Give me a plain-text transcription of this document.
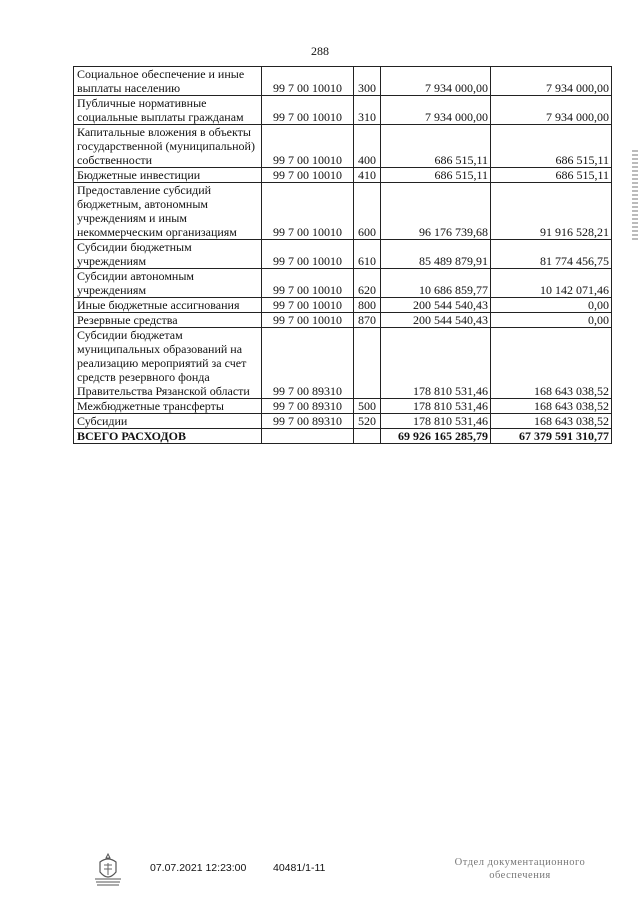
288
Социальное обеспечение и иные выплаты населению	99 7 00 10010	300	7 934 000,00	7 934 000,00
Публичные нормативные социальные выплаты гражданам	99 7 00 10010	310	7 934 000,00	7 934 000,00
Капитальные вложения в объекты государственной (муниципальной) собственности	99 7 00 10010	400	686 515,11	686 515,11
Бюджетные инвестиции	99 7 00 10010	410	686 515,11	686 515,11
Предоставление субсидий бюджетным, автономным учреждениям и иным некоммерческим организациям	99 7 00 10010	600	96 176 739,68	91 916 528,21
Субсидии бюджетным учреждениям	99 7 00 10010	610	85 489 879,91	81 774 456,75
Субсидии автономным учреждениям	99 7 00 10010	620	10 686 859,77	10 142 071,46
Иные бюджетные ассигнования	99 7 00 10010	800	200 544 540,43	0,00
Резервные средства	99 7 00 10010	870	200 544 540,43	0,00
Субсидии бюджетам муниципальных образований на реализацию мероприятий за счет средств резервного фонда Правительства Рязанской области	99 7 00 89310		178 810 531,46	168 643 038,52
Межбюджетные трансферты	99 7 00 89310	500	178 810 531,46	168 643 038,52
Субсидии	99 7 00 89310	520	178 810 531,46	168 643 038,52
ВСЕГО РАСХОДОВ			69 926 165 285,79	67 379 591 310,77
07.07.2021 12:23:00	40481/1-11	Отдел документационного
обеспечения
